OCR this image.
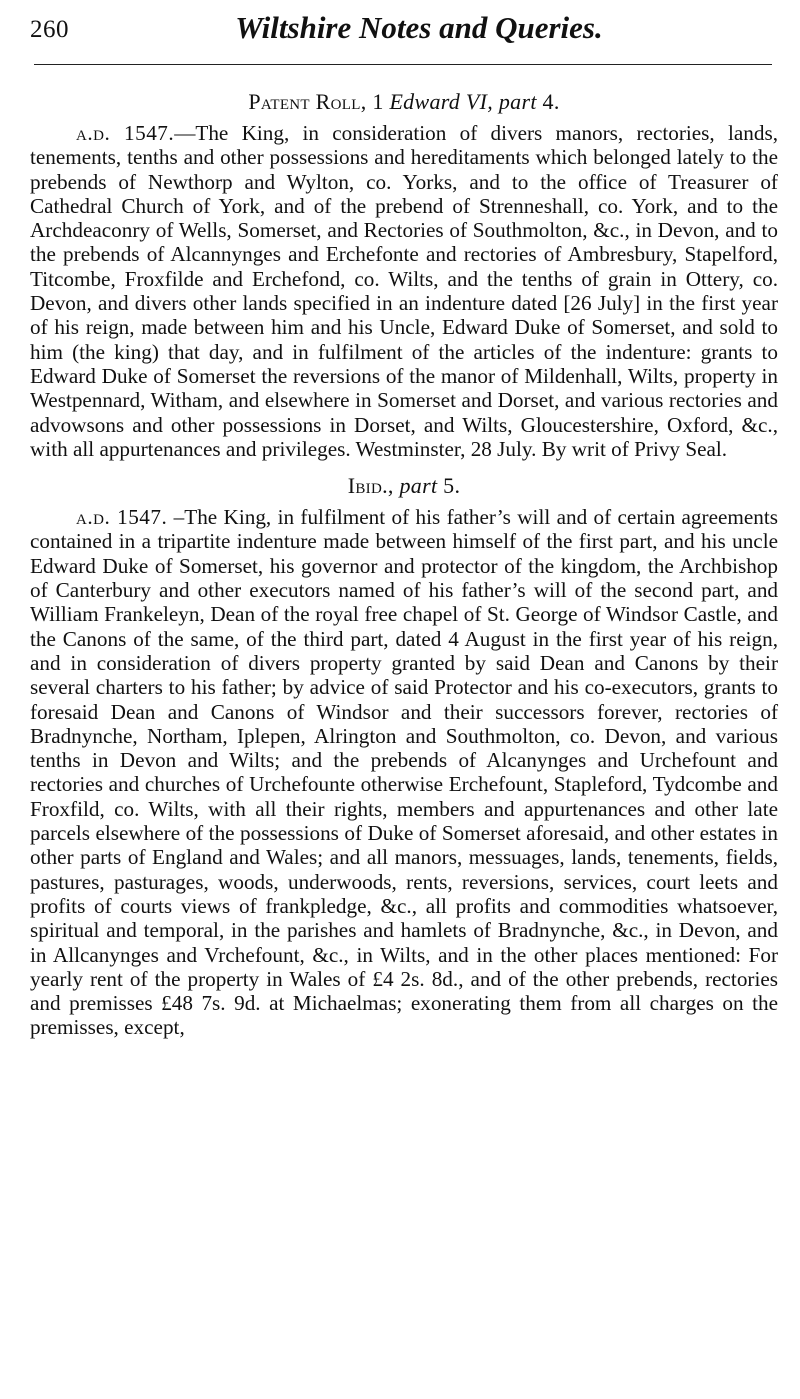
260	Wiltshire Notes and Queries.
Patent Roll, 1 Edward VI, part 4.

a.d. 1547.—The King, in consideration of divers manors, rectories, lands, tenements, tenths and other possessions and hereditaments which belonged lately to the prebends of Newthorp and Wylton, co. Yorks, and to the office of Treasurer of Cathedral Church of York, and of the prebend of Strenneshall, co. York, and to the Archdeaconry of Wells, Somerset, and Rectories of Southmolton, &c., in Devon, and to the prebends of Alcannynges and Erchefonte and rectories of Ambresbury, Stapelford, Titcombe, Froxfilde and Erchefond, co. Wilts, and the tenths of grain in Ottery, co. Devon, and divers other lands specified in an indenture dated [26 July] in the first year of his reign, made between him and his Uncle, Edward Duke of Somerset, and sold to him (the king) that day, and in fulfilment of the articles of the indenture: grants to Edward Duke of Somerset the reversions of the manor of Mildenhall, Wilts, property in Westpennard, Witham, and elsewhere in Somerset and Dorset, and various rectories and advowsons and other possessions in Dorset, and Wilts, Gloucestershire, Oxford, &c., with all appurtenances and privileges. Westminster, 28 July. By writ of Privy Seal.

Ibid., part 5.

a.d. 1547. –The King, in fulfilment of his father’s will and of certain agreements contained in a tripartite indenture made between himself of the first part, and his uncle Edward Duke of Somerset, his governor and protector of the kingdom, the Archbishop of Canterbury and other executors named of his father’s will of the second part, and William Frankeleyn, Dean of the royal free chapel of St. George of Windsor Castle, and the Canons of the same, of the third part, dated 4 August in the first year of his reign, and in consideration of divers property granted by said Dean and Canons by their several charters to his father; by advice of said Protector and his co-executors, grants to foresaid Dean and Canons of Windsor and their successors forever, rectories of Bradnynche, Northam, Iplepen, Alrington and Southmolton, co. Devon, and various tenths in Devon and Wilts; and the prebends of Alcanynges and Urchefount and rectories and churches of Urchefounte otherwise Erchefount, Stapleford, Tydcombe and Froxfild, co. Wilts, with all their rights, members and appurtenances and other late parcels elsewhere of the possessions of Duke of Somerset aforesaid, and other estates in other parts of England and Wales; and all manors, messuages, lands, tenements, fields, pastures, pasturages, woods, underwoods, rents, reversions, services, court leets and profits of courts views of frankpledge, &c., all profits and commodities whatsoever, spiritual and temporal, in the parishes and hamlets of Bradnynche, &c., in Devon, and in Allcanynges and Vrchefount, &c., in Wilts, and in the other places mentioned: For yearly rent of the property in Wales of £4 2s. 8d., and of the other prebends, rectories and premisses £48 7s. 9d. at Michaelmas; exonerating them from all charges on the premisses, except,
